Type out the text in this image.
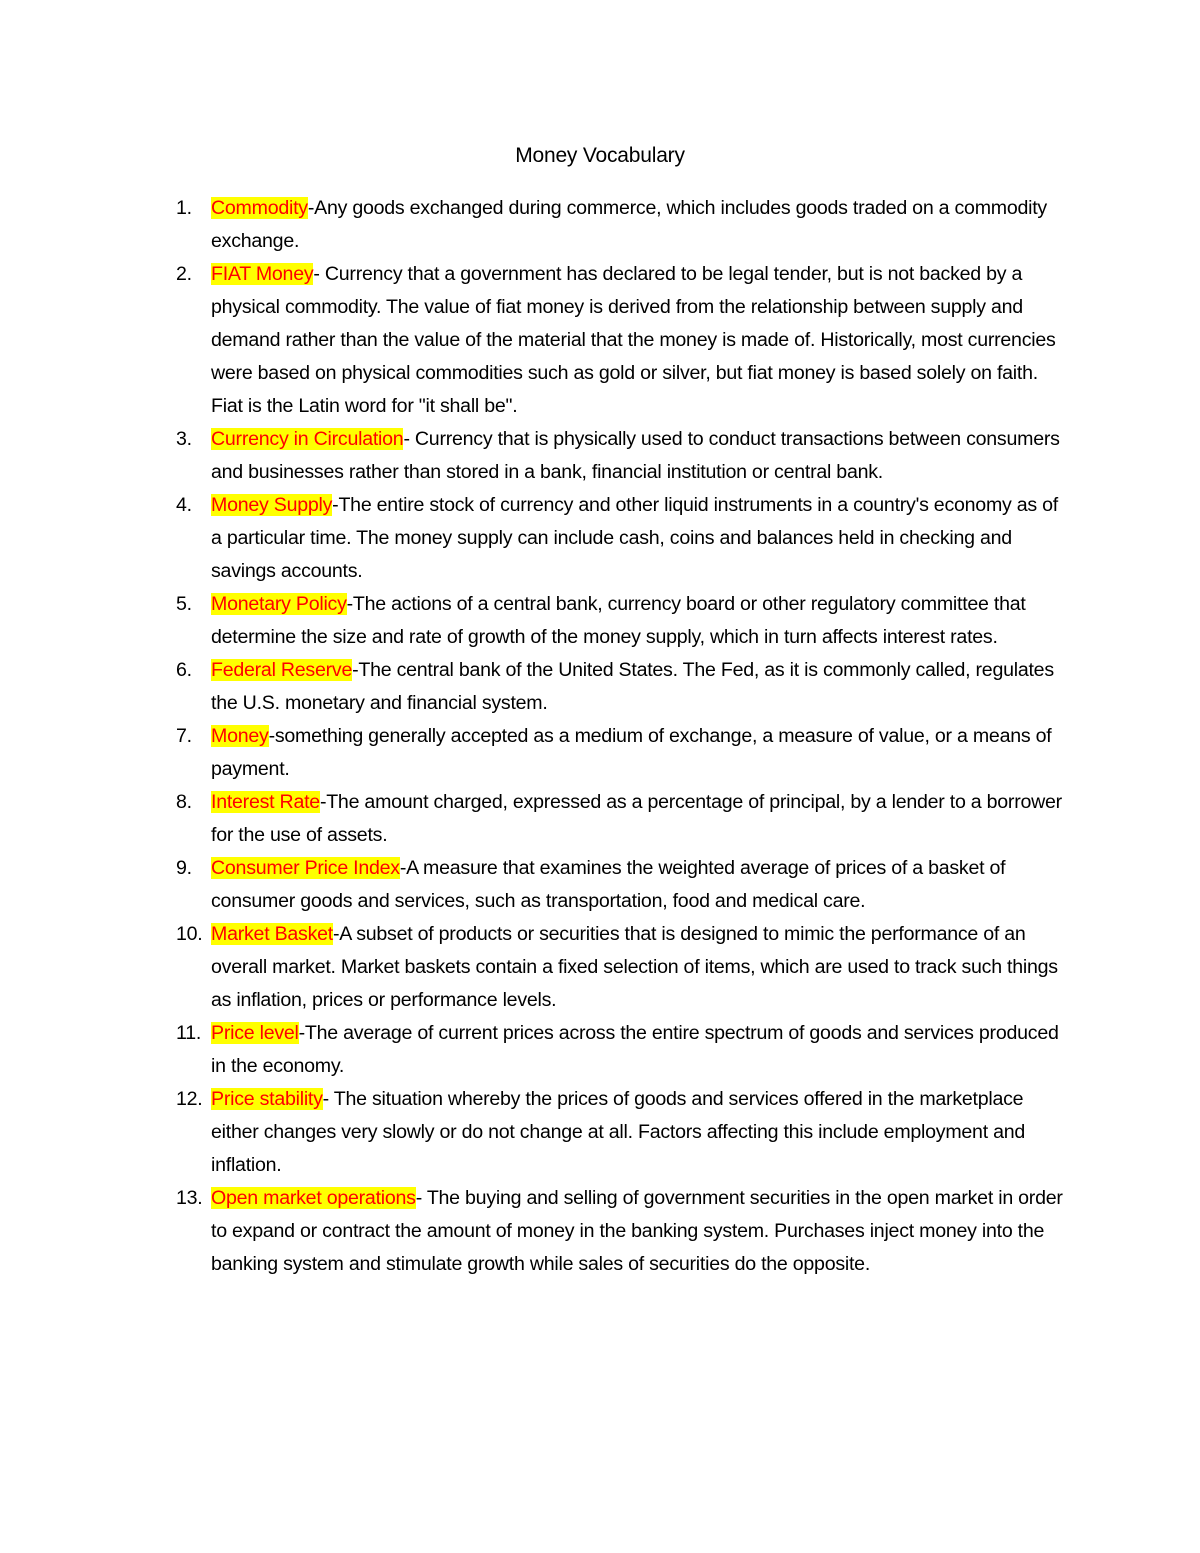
Money Vocabulary
1. Commodity-Any goods exchanged during commerce, which includes goods traded on a commodity exchange.
2. FIAT Money- Currency that a government has declared to be legal tender, but is not backed by a physical commodity. The value of fiat money is derived from the relationship between supply and demand rather than the value of the material that the money is made of. Historically, most currencies were based on physical commodities such as gold or silver, but fiat money is based solely on faith. Fiat is the Latin word for "it shall be".
3. Currency in Circulation- Currency that is physically used to conduct transactions between consumers and businesses rather than stored in a bank, financial institution or central bank.
4. Money Supply-The entire stock of currency and other liquid instruments in a country's economy as of a particular time. The money supply can include cash, coins and balances held in checking and savings accounts.
5. Monetary Policy-The actions of a central bank, currency board or other regulatory committee that determine the size and rate of growth of the money supply, which in turn affects interest rates.
6. Federal Reserve-The central bank of the United States. The Fed, as it is commonly called, regulates the U.S. monetary and financial system.
7. Money-something generally accepted as a medium of exchange, a measure of value, or a means of payment.
8. Interest Rate-The amount charged, expressed as a percentage of principal, by a lender to a borrower for the use of assets.
9. Consumer Price Index-A measure that examines the weighted average of prices of a basket of consumer goods and services, such as transportation, food and medical care.
10. Market Basket-A subset of products or securities that is designed to mimic the performance of an overall market. Market baskets contain a fixed selection of items, which are used to track such things as inflation, prices or performance levels.
11. Price level-The average of current prices across the entire spectrum of goods and services produced in the economy.
12. Price stability- The situation whereby the prices of goods and services offered in the marketplace either changes very slowly or do not change at all. Factors affecting this include employment and inflation.
13. Open market operations- The buying and selling of government securities in the open market in order to expand or contract the amount of money in the banking system. Purchases inject money into the banking system and stimulate growth while sales of securities do the opposite.
